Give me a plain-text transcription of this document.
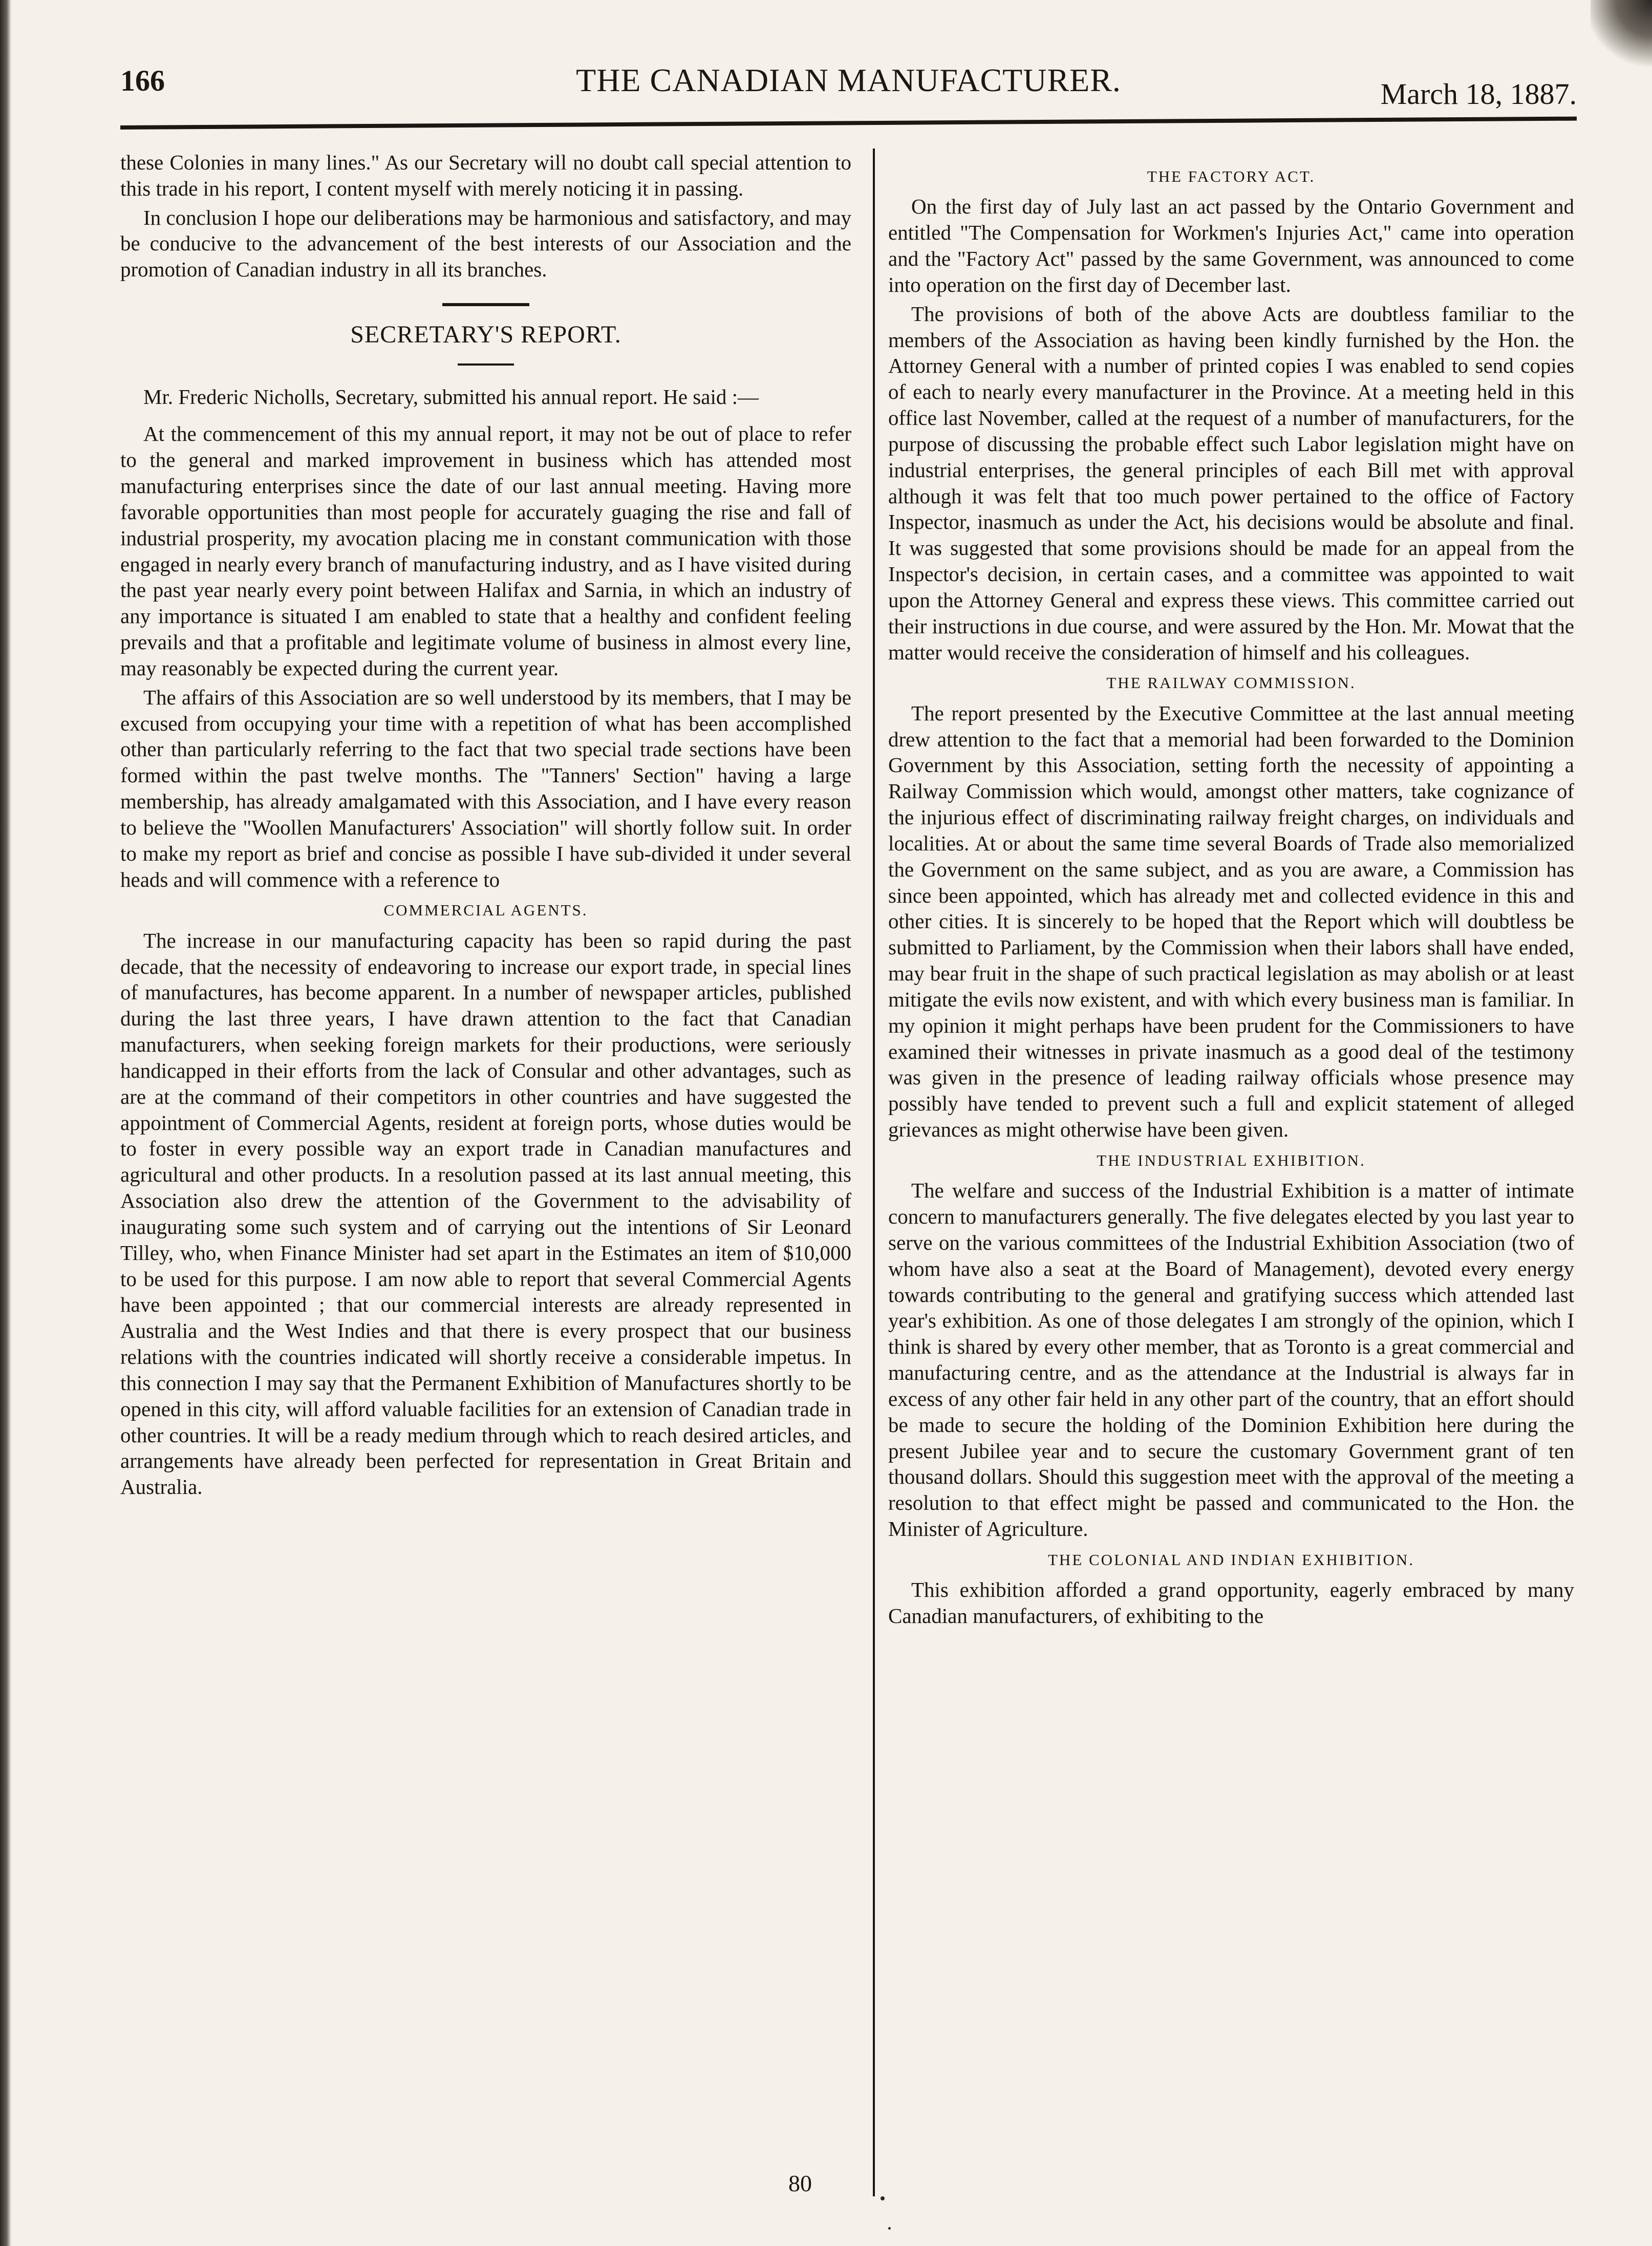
166	THE CANADIAN MANUFACTURER.	March 18, 1887.

these Colonies in many lines." As our Secretary will no doubt call special attention to this trade in his report, I content myself with merely noticing it in passing.

In conclusion I hope our deliberations may be harmonious and satisfactory, and may be conducive to the advancement of the best interests of our Association and the promotion of Canadian industry in all its branches.

SECRETARY'S REPORT.

Mr. Frederic Nicholls, Secretary, submitted his annual report. He said :—

At the commencement of this my annual report, it may not be out of place to refer to the general and marked improvement in business which has attended most manufacturing enterprises since the date of our last annual meeting. Having more favorable opportunities than most people for accurately guaging the rise and fall of industrial prosperity, my avocation placing me in constant communication with those engaged in nearly every branch of manufacturing industry, and as I have visited during the past year nearly every point between Halifax and Sarnia, in which an industry of any importance is situated I am enabled to state that a healthy and confident feeling prevails and that a profitable and legitimate volume of business in almost every line, may reasonably be expected during the current year.

The affairs of this Association are so well understood by its members, that I may be excused from occupying your time with a repetition of what has been accomplished other than particularly referring to the fact that two special trade sections have been formed within the past twelve months. The "Tanners' Section" having a large membership, has already amalgamated with this Association, and I have every reason to believe the "Woollen Manufacturers' Association" will shortly follow suit. In order to make my report as brief and concise as possible I have sub-divided it under several heads and will commence with a reference to

COMMERCIAL AGENTS.

The increase in our manufacturing capacity has been so rapid during the past decade, that the necessity of endeavoring to increase our export trade, in special lines of manufactures, has become apparent. In a number of newspaper articles, published during the last three years, I have drawn attention to the fact that Canadian manufacturers, when seeking foreign markets for their productions, were seriously handicapped in their efforts from the lack of Consular and other advantages, such as are at the command of their competitors in other countries and have suggested the appointment of Commercial Agents, resident at foreign ports, whose duties would be to foster in every possible way an export trade in Canadian manufactures and agricultural and other products. In a resolution passed at its last annual meeting, this Association also drew the attention of the Government to the advisability of inaugurating some such system and of carrying out the intentions of Sir Leonard Tilley, who, when Finance Minister had set apart in the Estimates an item of $10,000 to be used for this purpose. I am now able to report that several Commercial Agents have been appointed ; that our commercial interests are already represented in Australia and the West Indies and that there is every prospect that our business relations with the countries indicated will shortly receive a considerable impetus. In this connection I may say that the Permanent Exhibition of Manufactures shortly to be opened in this city, will afford valuable facilities for an extension of Canadian trade in other countries. It will be a ready medium through which to reach desired articles, and arrangements have already been perfected for representation in Great Britain and Australia.

THE FACTORY ACT.

On the first day of July last an act passed by the Ontario Government and entitled "The Compensation for Workmen's Injuries Act," came into operation and the "Factory Act" passed by the same Government, was announced to come into operation on the first day of December last.

The provisions of both of the above Acts are doubtless familiar to the members of the Association as having been kindly furnished by the Hon. the Attorney General with a number of printed copies I was enabled to send copies of each to nearly every manufacturer in the Province. At a meeting held in this office last November, called at the request of a number of manufacturers, for the purpose of discussing the probable effect such Labor legislation might have on industrial enterprises, the general principles of each Bill met with approval although it was felt that too much power pertained to the office of Factory Inspector, inasmuch as under the Act, his decisions would be absolute and final. It was suggested that some provisions should be made for an appeal from the Inspector's decision, in certain cases, and a committee was appointed to wait upon the Attorney General and express these views. This committee carried out their instructions in due course, and were assured by the Hon. Mr. Mowat that the matter would receive the consideration of himself and his colleagues.

THE RAILWAY COMMISSION.

The report presented by the Executive Committee at the last annual meeting drew attention to the fact that a memorial had been forwarded to the Dominion Government by this Association, setting forth the necessity of appointing a Railway Commission which would, amongst other matters, take cognizance of the injurious effect of discriminating railway freight charges, on individuals and localities. At or about the same time several Boards of Trade also memorialized the Government on the same subject, and as you are aware, a Commission has since been appointed, which has already met and collected evidence in this and other cities. It is sincerely to be hoped that the Report which will doubtless be submitted to Parliament, by the Commission when their labors shall have ended, may bear fruit in the shape of such practical legislation as may abolish or at least mitigate the evils now existent, and with which every business man is familiar. In my opinion it might perhaps have been prudent for the Commissioners to have examined their witnesses in private inasmuch as a good deal of the testimony was given in the presence of leading railway officials whose presence may possibly have tended to prevent such a full and explicit statement of alleged grievances as might otherwise have been given.

THE INDUSTRIAL EXHIBITION.

The welfare and success of the Industrial Exhibition is a matter of intimate concern to manufacturers generally. The five delegates elected by you last year to serve on the various committees of the Industrial Exhibition Association (two of whom have also a seat at the Board of Management), devoted every energy towards contributing to the general and gratifying success which attended last year's exhibition. As one of those delegates I am strongly of the opinion, which I think is shared by every other member, that as Toronto is a great commercial and manufacturing centre, and as the attendance at the Industrial is always far in excess of any other fair held in any other part of the country, that an effort should be made to secure the holding of the Dominion Exhibition here during the present Jubilee year and to secure the customary Government grant of ten thousand dollars. Should this suggestion meet with the approval of the meeting a resolution to that effect might be passed and communicated to the Hon. the Minister of Agriculture.

THE COLONIAL AND INDIAN EXHIBITION.

This exhibition afforded a grand opportunity, eagerly embraced by many Canadian manufacturers, of exhibiting to the

80
